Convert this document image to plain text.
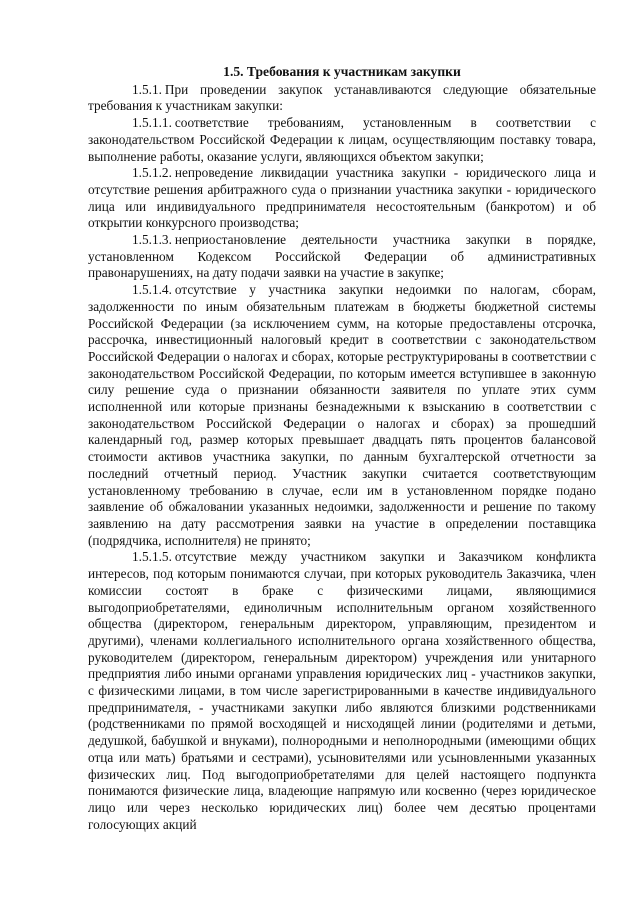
1.5. Требования к участникам закупки

1.5.1. При проведении закупок устанавливаются следующие обязательные требования к участникам закупки:

1.5.1.1. соответствие требованиям, установленным в соответствии с законодательством Российской Федерации к лицам, осуществляющим поставку товара, выполнение работы, оказание услуги, являющихся объектом закупки;

1.5.1.2. непроведение ликвидации участника закупки - юридического лица и отсутствие решения арбитражного суда о признании участника закупки - юридического лица или индивидуального предпринимателя несостоятельным (банкротом) и об открытии конкурсного производства;

1.5.1.3. неприостановление деятельности участника закупки в порядке, установленном Кодексом Российской Федерации об административных правонарушениях, на дату подачи заявки на участие в закупке;

1.5.1.4. отсутствие у участника закупки недоимки по налогам, сборам, задолженности по иным обязательным платежам в бюджеты бюджетной системы Российской Федерации (за исключением сумм, на которые предоставлены отсрочка, рассрочка, инвестиционный налоговый кредит в соответствии с законодательством Российской Федерации о налогах и сборах, которые реструктурированы в соответствии с законодательством Российской Федерации, по которым имеется вступившее в законную силу решение суда о признании обязанности заявителя по уплате этих сумм исполненной или которые признаны безнадежными к взысканию в соответствии с законодательством Российской Федерации о налогах и сборах) за прошедший календарный год, размер которых превышает двадцать пять процентов балансовой стоимости активов участника закупки, по данным бухгалтерской отчетности за последний отчетный период. Участник закупки считается соответствующим установленному требованию в случае, если им в установленном порядке подано заявление об обжаловании указанных недоимки, задолженности и решение по такому заявлению на дату рассмотрения заявки на участие в определении поставщика (подрядчика, исполнителя) не принято;

1.5.1.5. отсутствие между участником закупки и Заказчиком конфликта интересов, под которым понимаются случаи, при которых руководитель Заказчика, член комиссии состоят в браке с физическими лицами, являющимися выгодоприобретателями, единоличным исполнительным органом хозяйственного общества (директором, генеральным директором, управляющим, президентом и другими), членами коллегиального исполнительного органа хозяйственного общества, руководителем (директором, генеральным директором) учреждения или унитарного предприятия либо иными органами управления юридических лиц - участников закупки, с физическими лицами, в том числе зарегистрированными в качестве индивидуального предпринимателя, - участниками закупки либо являются близкими родственниками (родственниками по прямой восходящей и нисходящей линии (родителями и детьми, дедушкой, бабушкой и внуками), полнородными и неполнородными (имеющими общих отца или мать) братьями и сестрами), усыновителями или усыновленными указанных физических лиц. Под выгодоприобретателями для целей настоящего подпункта понимаются физические лица, владеющие напрямую или косвенно (через юридическое лицо или через несколько юридических лиц) более чем десятью процентами голосующих акций
